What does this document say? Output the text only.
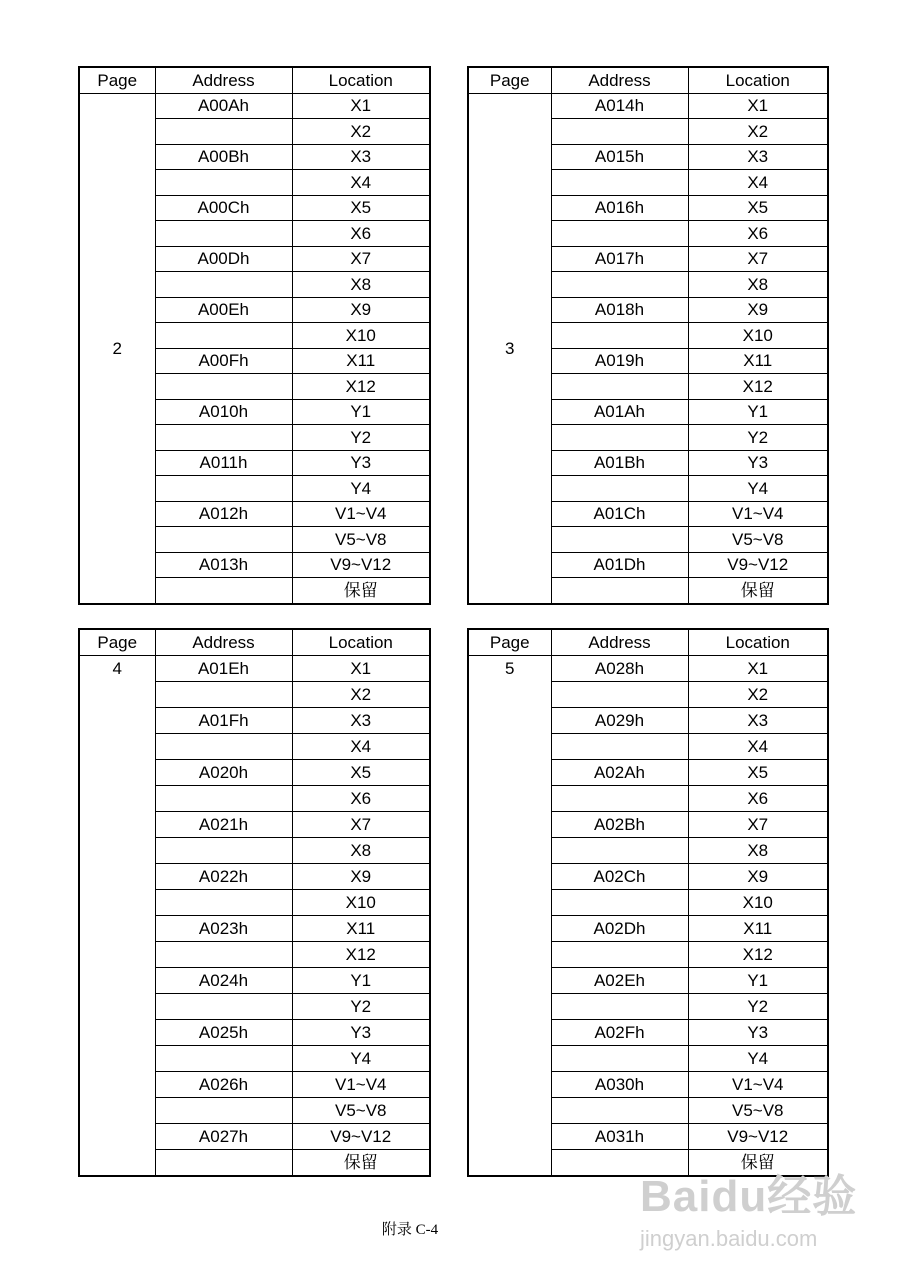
Page	Address	Location
2	A00Ah	X1
		X2
	A00Bh	X3
		X4
	A00Ch	X5
		X6
	A00Dh	X7
		X8
	A00Eh	X9
		X10
	A00Fh	X11
		X12
	A010h	Y1
		Y2
	A011h	Y3
		Y4
	A012h	V1~V4
		V5~V8
	A013h	V9~V12
		保留
Page	Address	Location
3	A014h	X1
		X2
	A015h	X3
		X4
	A016h	X5
		X6
	A017h	X7
		X8
	A018h	X9
		X10
	A019h	X11
		X12
	A01Ah	Y1
		Y2
	A01Bh	Y3
		Y4
	A01Ch	V1~V4
		V5~V8
	A01Dh	V9~V12
		保留
Page	Address	Location
4	A01Eh	X1
		X2
	A01Fh	X3
		X4
	A020h	X5
		X6
	A021h	X7
		X8
	A022h	X9
		X10
	A023h	X11
		X12
	A024h	Y1
		Y2
	A025h	Y3
		Y4
	A026h	V1~V4
		V5~V8
	A027h	V9~V12
		保留
Page	Address	Location
5	A028h	X1
		X2
	A029h	X3
		X4
	A02Ah	X5
		X6
	A02Bh	X7
		X8
	A02Ch	X9
		X10
	A02Dh	X11
		X12
	A02Eh	Y1
		Y2
	A02Fh	Y3
		Y4
	A030h	V1~V4
		V5~V8
	A031h	V9~V12
		保留
附录 C-4
Baidu经验
jingyan.baidu.com
